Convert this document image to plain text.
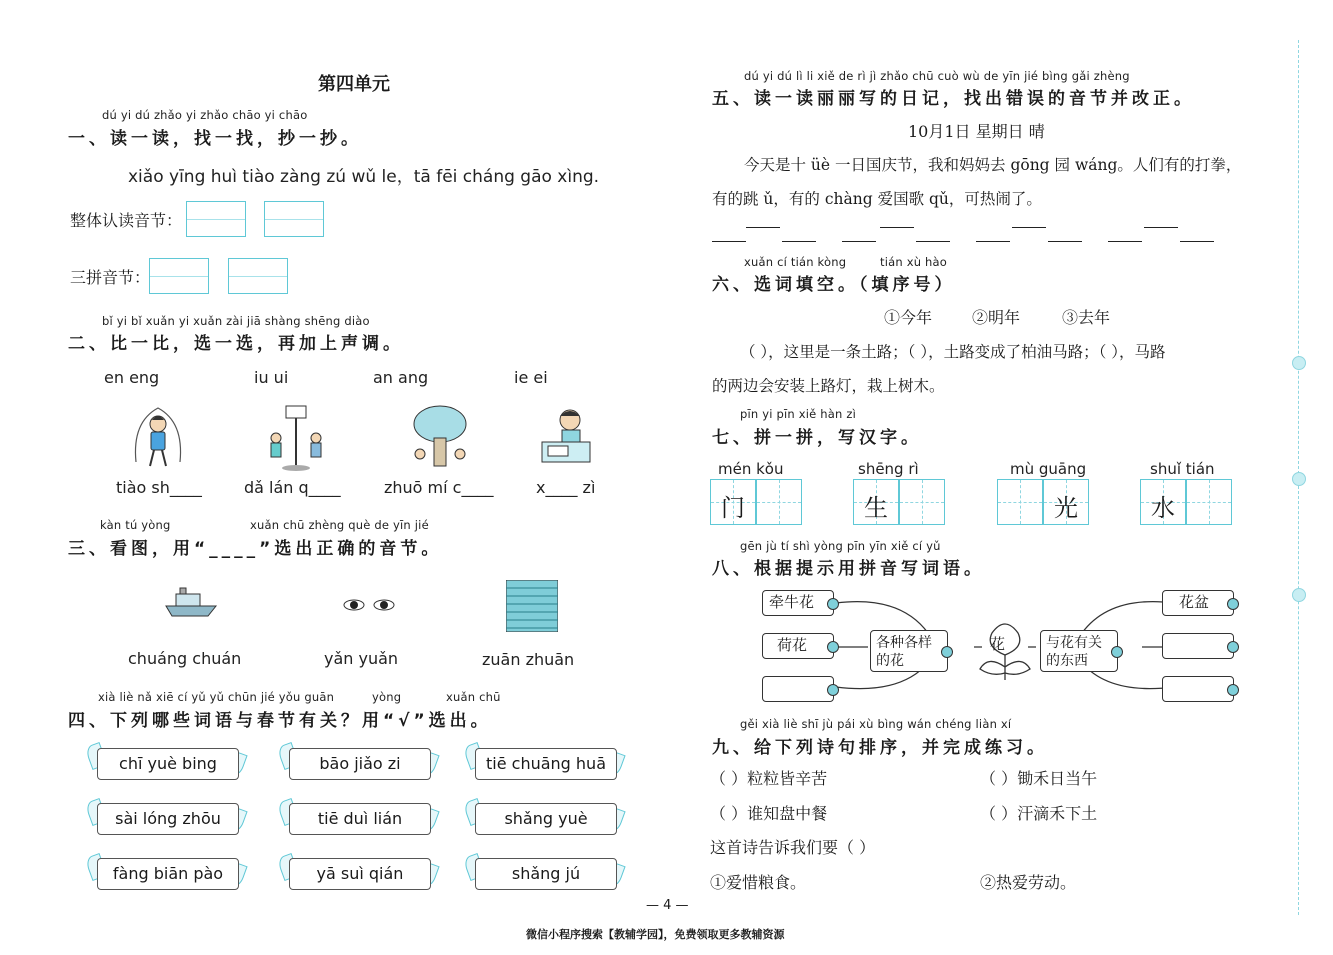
第四单元
dú yi dú zhǎo yi zhǎo chāo yi chāo
一、读一读，找一找，抄一抄。
xiǎo yīng huì tiào zàng zú wǔ le，tā fēi cháng gāo xìng.
整体认读音节：
三拼音节：
bǐ yi bǐ xuǎn yi xuǎn zài jiā shàng shēng diào
二、比一比，选一选，再加上声调。
en eng	iu ui	an ang	ie ei
tiào sh____	dǎ lán q____	zhuō mí c____	x____ zì
kàn tú yòng	xuǎn chū zhèng què de yīn jié
三、看图，用“____”选出正确的音节。
chuáng chuán	yǎn yuǎn	zuān zhuān
xià liè nǎ xiē cí yǔ yǔ chūn jié yǒu guān	yòng	xuǎn chū
四、下列哪些词语与春节有关？用“√”选出。
chī yuè bing	bāo jiǎo zi	tiē chuāng huā
sài lóng zhōu	tiē duì lián	shǎng yuè
fàng biān pào	yā suì qián	shǎng jú
dú yi dú lì li xiě de rì jì zhǎo chū cuò wù de yīn jié bìng gǎi zhèng
五、读一读丽丽写的日记，找出错误的音节并改正。
10月1日 星期日 晴
今天是十 üè 一日国庆节，我和妈妈去 gōng 园 wáng。人们有的打拳，
有的跳 ǔ，有的 chàng 爱国歌 qǔ，可热闹了。
xuǎn cí tián kòng	tián xù hào
六、选词填空。（填序号）
①今年 ②明年	③去年
（ ），这里是一条土路；（ ），土路变成了柏油马路；（ ），马路
的两边会安装上路灯，栽上树木。
pīn yi pīn xiě hàn zì
七、拼一拼，写汉字。
mén kǒu
门
shēng rì
生
mù guāng
光
shuǐ tián
水
gēn jù tí shì yòng pīn yīn xiě cí yǔ
八、根据提示用拼音写词语。
牵牛花
荷花	各种各样的花
花	与花有关的东西
花盆
gěi xià liè shī jù pái xù bìng wán chéng liàn xí
九、给下列诗句排序，并完成练习。
（ ）粒粒皆辛苦	（ ）锄禾日当午
（ ）谁知盘中餐	（ ）汗滴禾下土
这首诗告诉我们要（ ）
①爱惜粮食。	②热爱劳动。
— 4 —
微信小程序搜索【教辅学园】，免费领取更多教辅资源
